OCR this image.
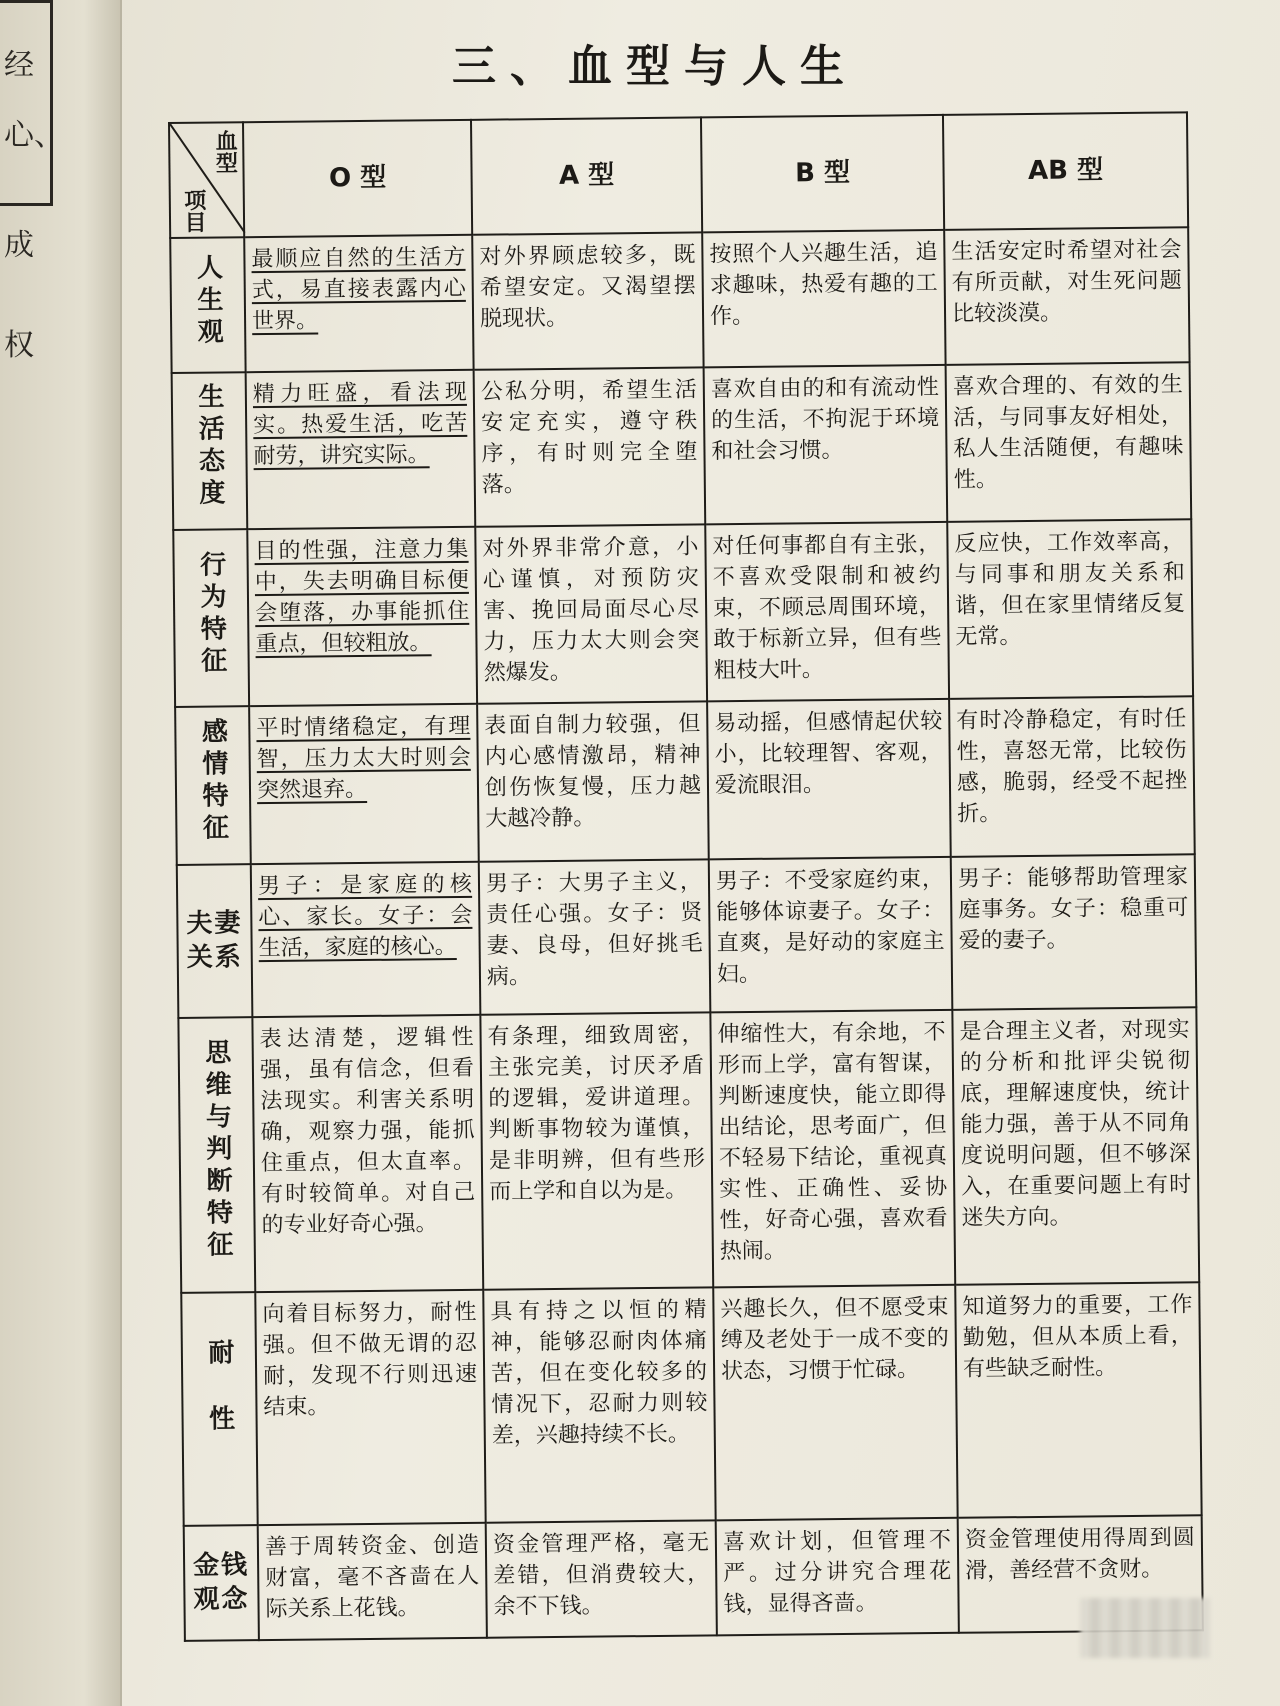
经
心、
成
权
三、血型与人生
血型
项目	O 型	A 型	B 型	AB 型
人生观	最顺应自然的生活方式，易直接表露内心世界。	对外界顾虑较多，既希望安定。又渴望摆脱现状。	按照个人兴趣生活，追求趣味，热爱有趣的工作。	生活安定时希望对社会有所贡献，对生死问题比较淡漠。

生活态度	精力旺盛，看法现实。热爱生活，吃苦耐劳，讲究实际。	公私分明，希望生活安定充实，遵守秩序，有时则完全堕落。	喜欢自由的和有流动性的生活，不拘泥于环境和社会习惯。	喜欢合理的、有效的生活，与同事友好相处，私人生活随便，有趣味性。

行为特征	目的性强，注意力集中，失去明确目标便会堕落，办事能抓住重点，但较粗放。	对外界非常介意，小心谨慎，对预防灾害、挽回局面尽心尽力，压力太大则会突然爆发。	对任何事都自有主张，不喜欢受限制和被约束，不顾忌周围环境，敢于标新立异，但有些粗枝大叶。	反应快，工作效率高，与同事和朋友关系和谐，但在家里情绪反复无常。

感情特征	平时情绪稳定，有理智，压力太大时则会突然退弃。	表面自制力较强，但内心感情激昂，精神创伤恢复慢，压力越大越冷静。	易动摇，但感情起伏较小，比较理智、客观，爱流眼泪。	有时冷静稳定，有时任性，喜怒无常，比较伤感，脆弱，经受不起挫折。

夫妻关系	男子：是家庭的核心、家长。女子：会生活，家庭的核心。	男子：大男子主义，责任心强。女子：贤妻、良母，但好挑毛病。	男子：不受家庭约束，能够体谅妻子。女子：直爽，是好动的家庭主妇。	男子：能够帮助管理家庭事务。女子：稳重可爱的妻子。

思维与判断特征	表达清楚，逻辑性强，虽有信念，但看法现实。利害关系明确，观察力强，能抓住重点，但太直率。有时较简单。对自己的专业好奇心强。	有条理，细致周密，主张完美，讨厌矛盾的逻辑，爱讲道理。判断事物较为谨慎，是非明辨，但有些形而上学和自以为是。	伸缩性大，有余地，不形而上学，富有智谋，判断速度快，能立即得出结论，思考面广，但不轻易下结论，重视真实性、正确性、妥协性，好奇心强，喜欢看热闹。	是合理主义者，对现实的分析和批评尖锐彻底，理解速度快，统计能力强，善于从不同角度说明问题，但不够深入，在重要问题上有时迷失方向。

耐性	向着目标努力，耐性强。但不做无谓的忍耐，发现不行则迅速结束。	具有持之以恒的精神，能够忍耐肉体痛苦，但在变化较多的情况下，忍耐力则较差，兴趣持续不长。	兴趣长久，但不愿受束缚及老处于一成不变的状态，习惯于忙碌。	知道努力的重要，工作勤勉，但从本质上看，有些缺乏耐性。

金钱观念	善于周转资金、创造财富，毫不吝啬在人际关系上花钱。	资金管理严格，毫无差错，但消费较大，余不下钱。	喜欢计划，但管理不严。过分讲究合理花钱，显得吝啬。	资金管理使用得周到圆滑，善经营不贪财。
